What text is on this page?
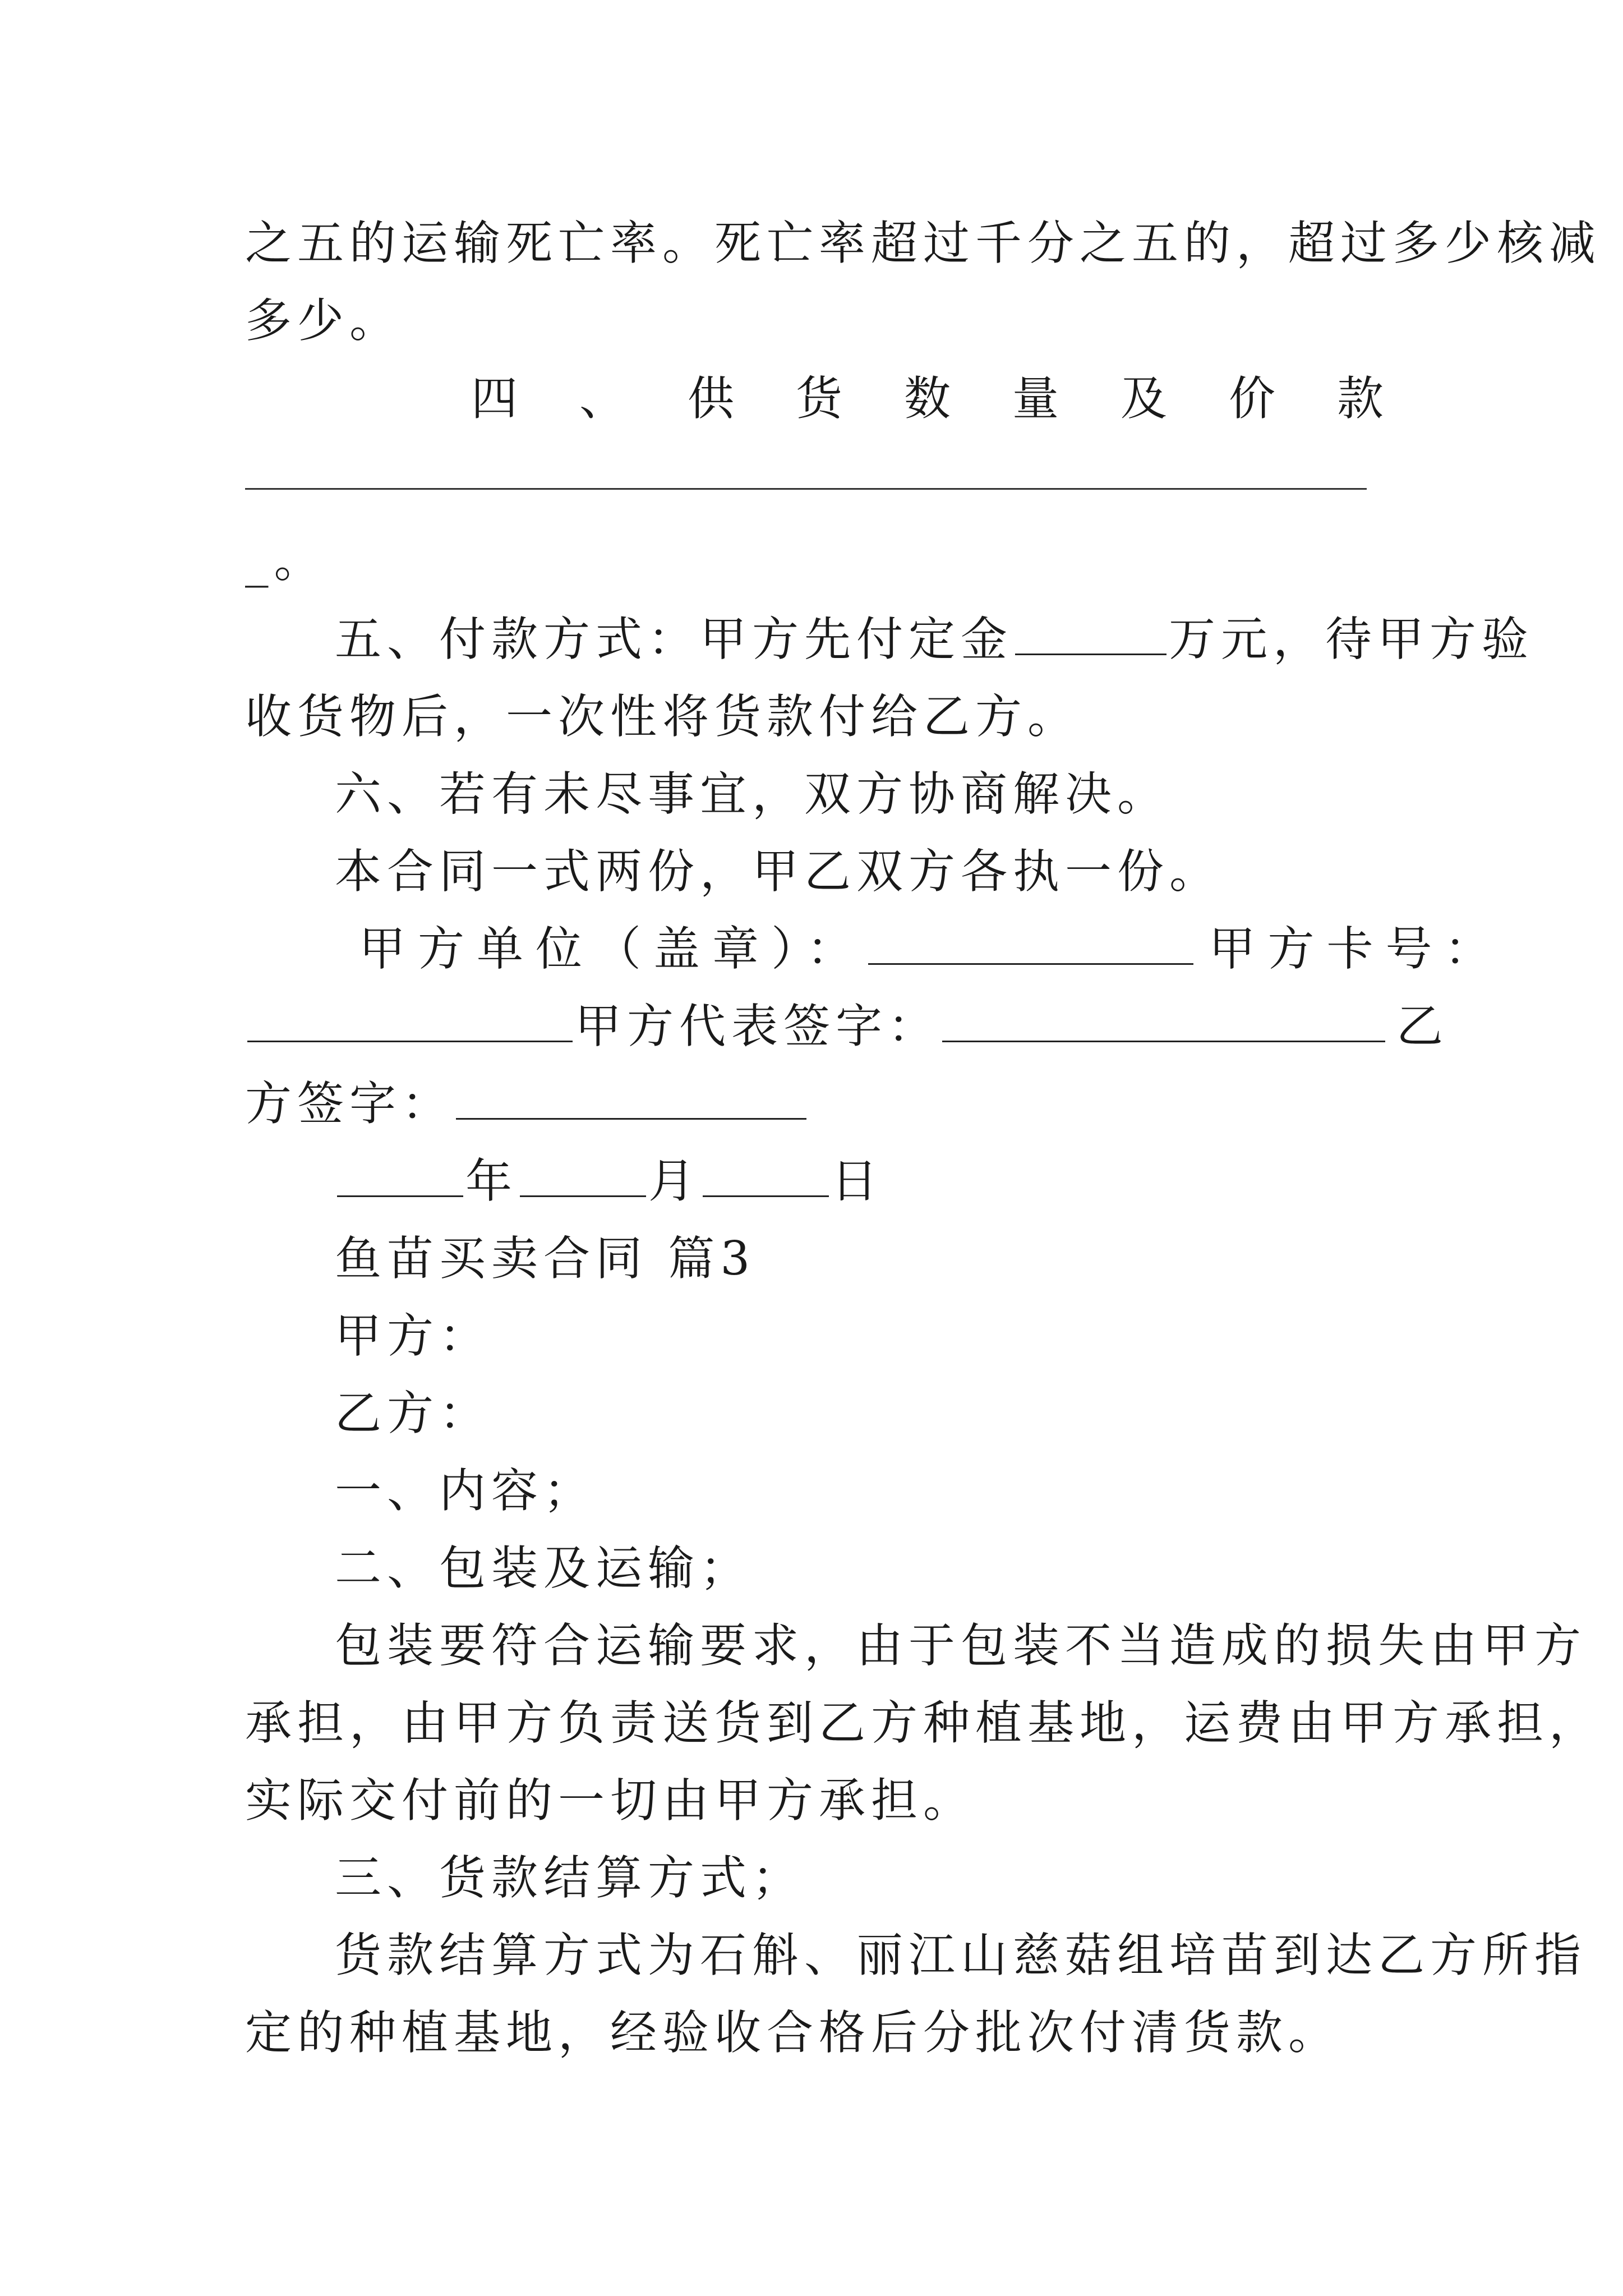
之五的运输死亡率。死亡率超过千分之五的，超过多少核减
多少。
四 、 供 货 数 量 及 价 款
_。
五、付款方式：甲方先付定金	万元，待甲方验
收货物后，一次性将货款付给乙方。
六、若有未尽事宜，双方协商解决。
本合同一式两份，甲乙双方各执一份。
甲方单位（盖章）：	甲方卡号：
甲方代表签字：	乙
方签字：
年	月	日
鱼苗买卖合同 篇3
甲方：
乙方：
一、内容；
二、包装及运输；
包装要符合运输要求，由于包装不当造成的损失由甲方
承担，由甲方负责送货到乙方种植基地，运费由甲方承担，
实际交付前的一切由甲方承担。
三、货款结算方式；
货款结算方式为石斛、丽江山慈菇组培苗到达乙方所指
定的种植基地，经验收合格后分批次付清货款。
